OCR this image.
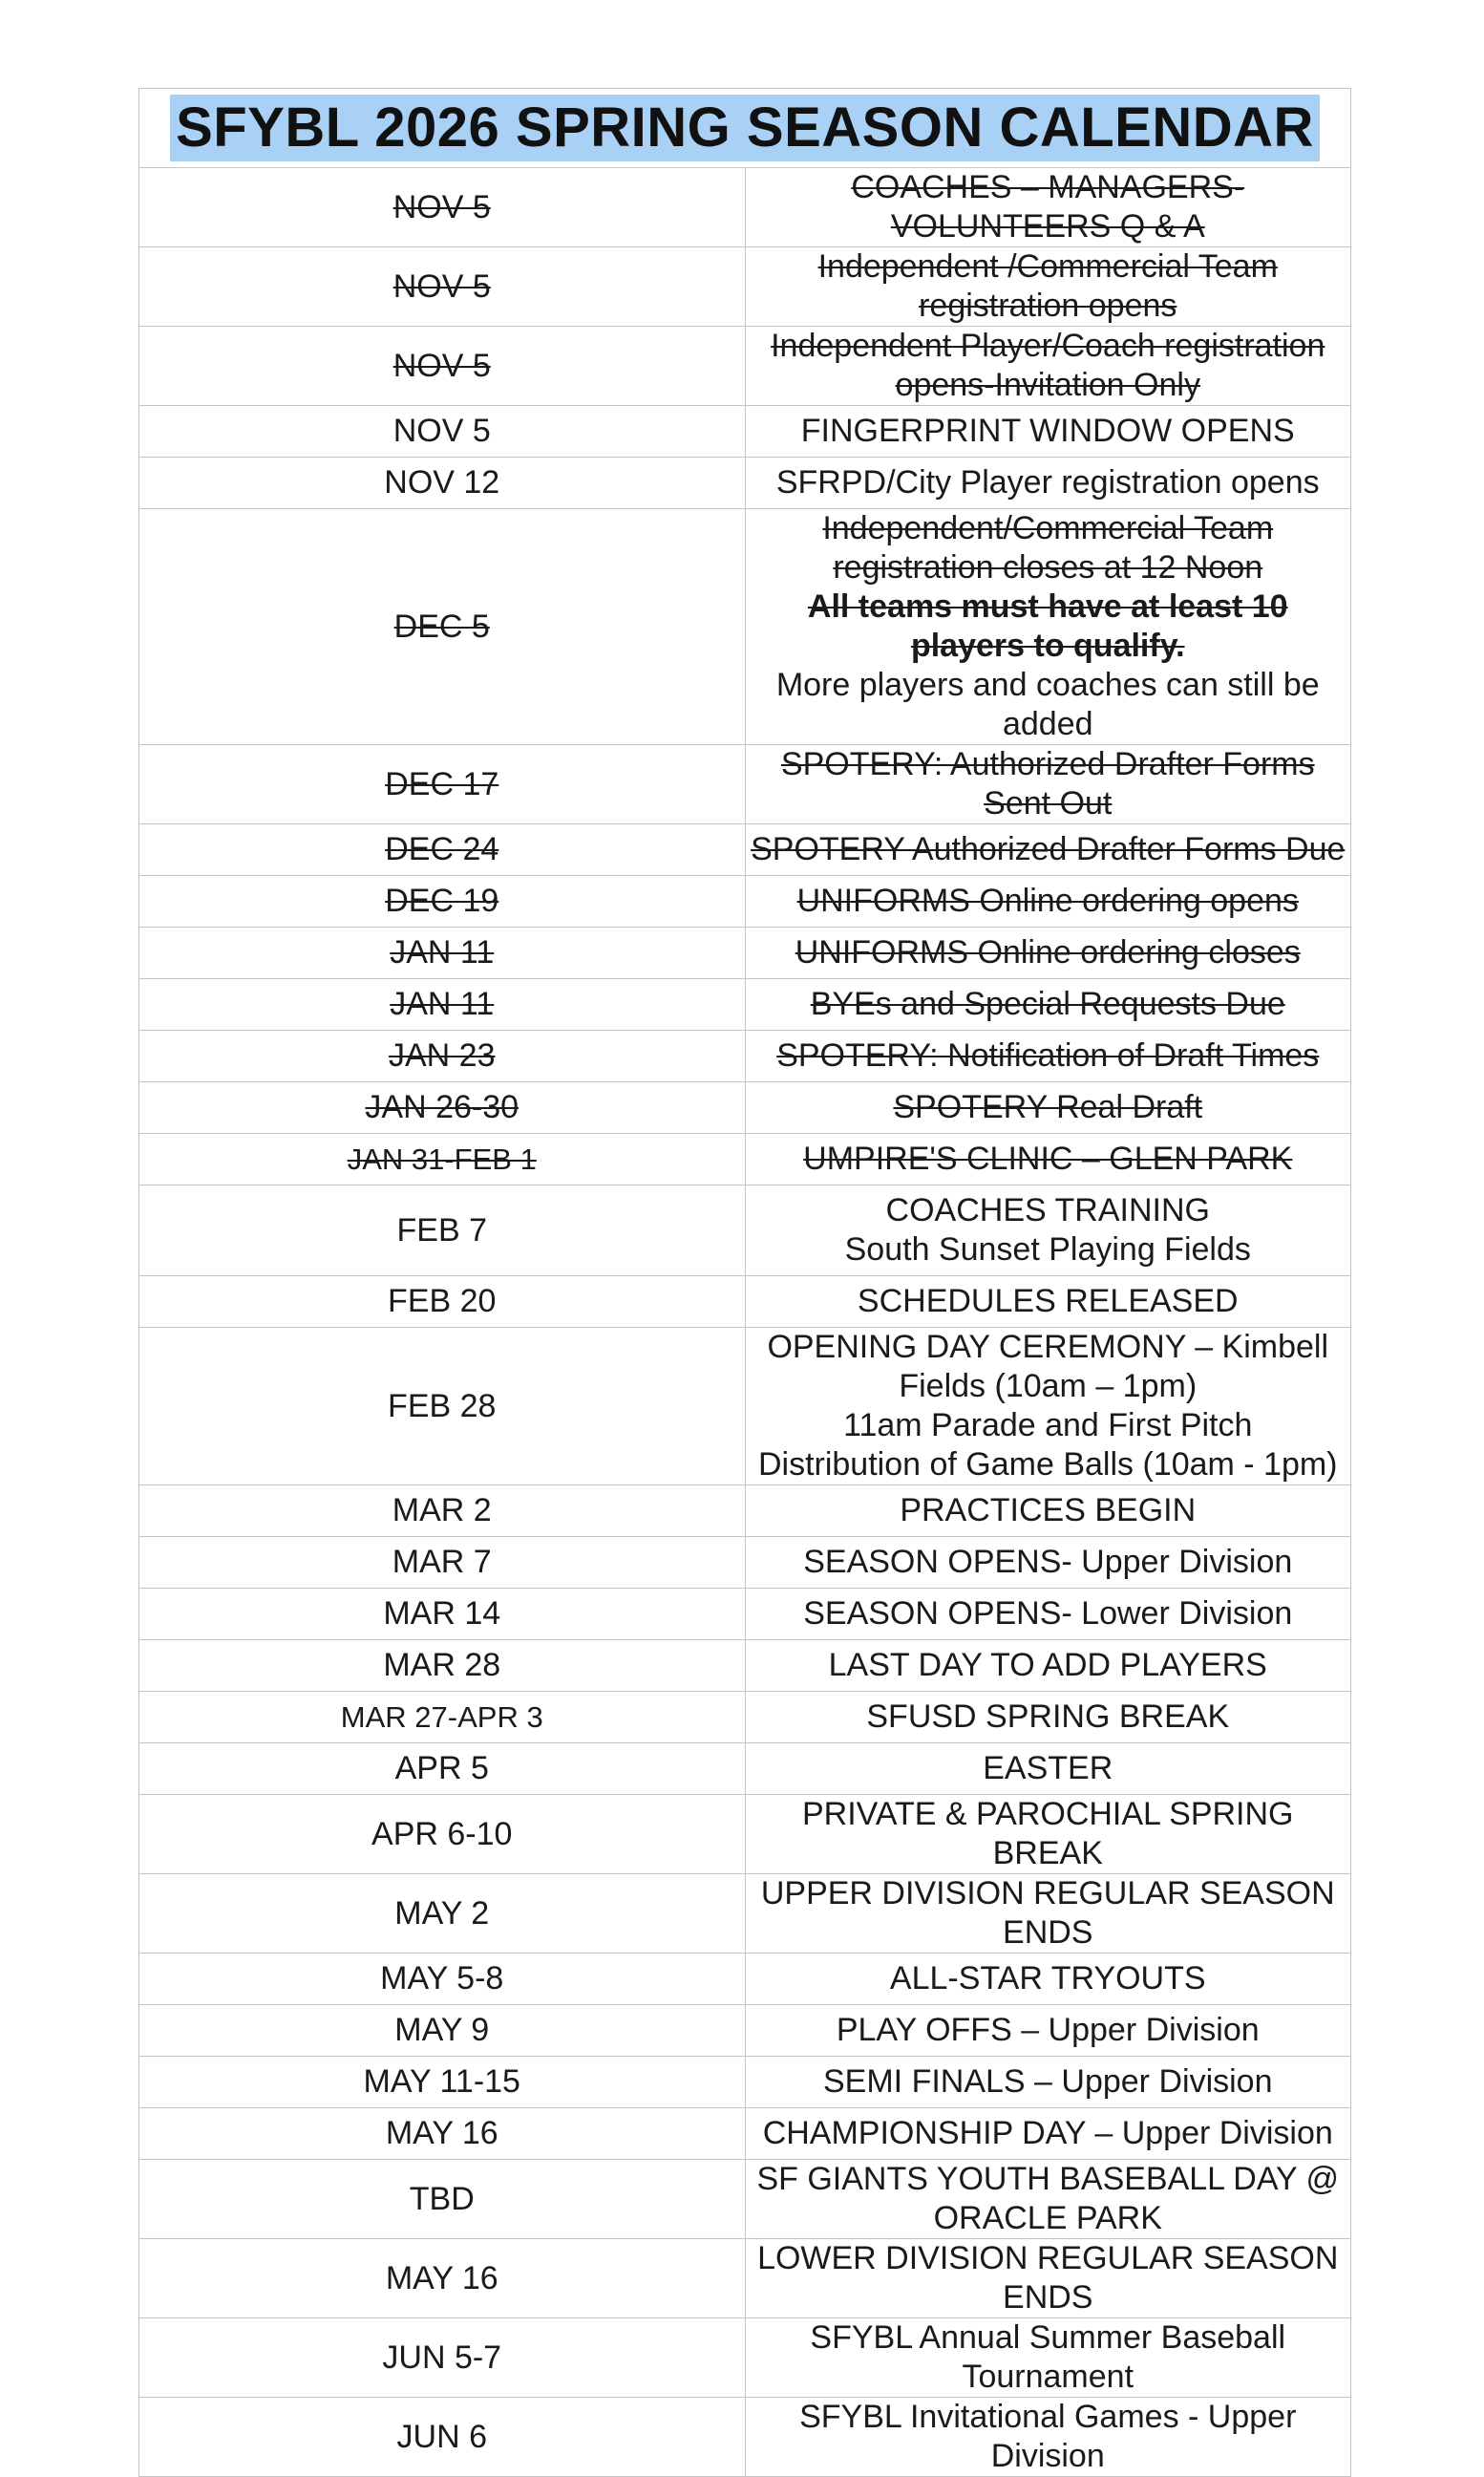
SFYBL 2026 SPRING SEASON CALENDAR	
NOV 5	COACHES – MANAGERS-VOLUNTEERS Q & A

NOV 5	Independent /Commercial Team registration opens

NOV 5	Independent Player/Coach registration opens-Invitation Only

NOV 5	FINGERPRINT WINDOW OPENS

NOV 12	SFRPD/City Player registration opens

DEC 5	Independent/Commercial Team registration closes at 12 Noon
All teams must have at least 10 players to qualify.
More players and coaches can still be added

DEC 17	SPOTERY: Authorized Drafter Forms Sent Out

DEC 24	SPOTERY Authorized Drafter Forms Due

DEC 19	UNIFORMS Online ordering opens

JAN 11	UNIFORMS Online ordering closes

JAN 11	BYEs and Special Requests Due

JAN 23	SPOTERY: Notification of Draft Times

JAN 26-30	SPOTERY Real Draft

JAN 31-FEB 1	UMPIRE'S CLINIC – GLEN PARK

FEB 7	COACHES TRAINING
South Sunset Playing Fields

FEB 20	SCHEDULES RELEASED

FEB 28	OPENING DAY CEREMONY – Kimbell Fields (10am – 1pm)
11am Parade and First Pitch
Distribution of Game Balls (10am - 1pm)

MAR 2	PRACTICES BEGIN

MAR 7	SEASON OPENS- Upper Division

MAR 14	SEASON OPENS- Lower Division

MAR 28	LAST DAY TO ADD PLAYERS

MAR 27-APR 3	SFUSD SPRING BREAK

APR 5	EASTER

APR 6-10	PRIVATE & PAROCHIAL SPRING BREAK

MAY 2	UPPER DIVISION REGULAR SEASON ENDS

MAY 5-8	ALL-STAR TRYOUTS

MAY 9	PLAY OFFS – Upper Division

MAY 11-15	SEMI FINALS – Upper Division

MAY 16	CHAMPIONSHIP DAY – Upper Division

TBD	SF GIANTS YOUTH BASEBALL DAY @ ORACLE PARK

MAY 16	LOWER DIVISION REGULAR SEASON ENDS

JUN 5-7	SFYBL Annual Summer Baseball Tournament

JUN 6	SFYBL Invitational Games - Upper Division
